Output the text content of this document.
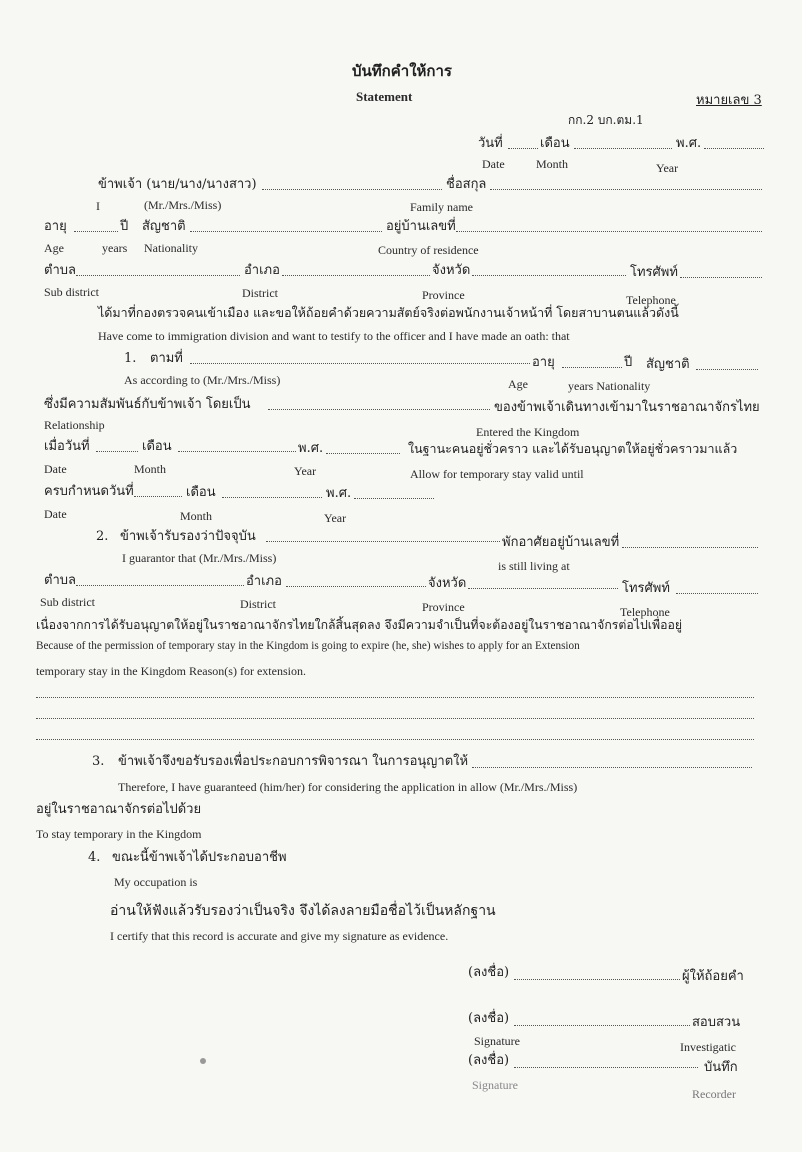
บันทึกคำให้การ
Statement	หมายเลข 3
กก.2 บก.ตม.1
วันที่	เดือน	พ.ศ.
Date	Month	Year
ข้าพเจ้า (นาย/นาง/นางสาว)	ชื่อสกุล
I	(Mr./Mrs./Miss)	Family name
อายุ	ปี สัญชาติ	อยู่บ้านเลขที่
Age	years Nationality	Country of residence
ตำบล	อำเภอ	จังหวัด	โทรศัพท์
Sub district	District	Province	Telephone
ได้มาที่กองตรวจคนเข้าเมือง และขอให้ถ้อยคำด้วยความสัตย์จริงต่อพนักงานเจ้าหน้าที่ โดยสาบานตนแล้วดังนี้
Have come to immigration division and want to testify to the officer and I have made an oath: that
1. ตามที่	อายุ	ปี สัญชาติ
As according to (Mr./Mrs./Miss)	Age	years Nationality
ซึ่งมีความสัมพันธ์กับข้าพเจ้า โดยเป็น	ของข้าพเจ้าเดินทางเข้ามาในราชอาณาจักรไทย
Relationship	Entered the Kingdom
เมื่อวันที่	เดือน	พ.ศ.	ในฐานะคนอยู่ชั่วคราว และได้รับอนุญาตให้อยู่ชั่วคราวมาแล้ว
Date	Month	Year	Allow for temporary stay valid until
ครบกำหนดวันที่	เดือน	พ.ศ.
Date	Month	Year
2. ข้าพเจ้ารับรองว่าปัจจุบัน	พักอาศัยอยู่บ้านเลขที่
I guarantor that (Mr./Mrs./Miss)
is still living at
ตำบล	อำเภอ	จังหวัด	โทรศัพท์
Sub district	District	Province	Telephone
เนื่องจากการได้รับอนุญาตให้อยู่ในราชอาณาจักรไทยใกล้สิ้นสุดลง จึงมีความจำเป็นที่จะต้องอยู่ในราชอาณาจักรต่อไปเพื่ออยู่
Because of the permission of temporary stay in the Kingdom is going to expire (he, she) wishes to apply for an Extension
temporary stay in the Kingdom Reason(s) for extension.
3. ข้าพเจ้าจึงขอรับรองเพื่อประกอบการพิจารณา ในการอนุญาตให้
Therefore, I have guaranteed (him/her) for considering the application in allow (Mr./Mrs./Miss)
อยู่ในราชอาณาจักรต่อไปด้วย
To stay temporary in the Kingdom
4. ขณะนี้ข้าพเจ้าได้ประกอบอาชีพ
My occupation is
อ่านให้ฟังแล้วรับรองว่าเป็นจริง จึงได้ลงลายมือชื่อไว้เป็นหลักฐาน
I certify that this record is accurate and give my signature as evidence.
(ลงชื่อ)	ผู้ให้ถ้อยคำ
(ลงชื่อ)	สอบสวน
Signature	Investigatic
(ลงชื่อ)	บันทึก
Signature
Recorder
